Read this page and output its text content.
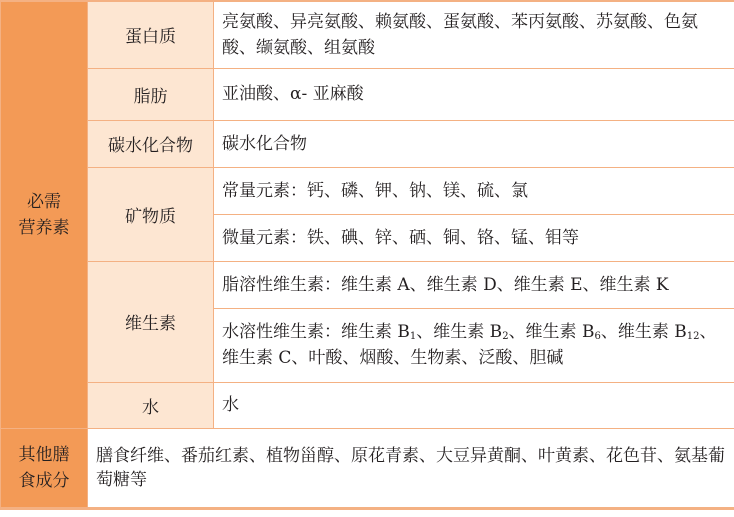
必需
营养素	蛋白质	亮氨酸、异亮氨酸、赖氨酸、蛋氨酸、苯丙氨酸、苏氨酸、色氨酸、缬氨酸、组氨酸
	脂肪	亚油酸、α- 亚麻酸
	碳水化合物	碳水化合物
	矿物质	常量元素：钙、磷、钾、钠、镁、硫、氯
		微量元素：铁、碘、锌、硒、铜、铬、锰、钼等
	维生素	脂溶性维生素：维生素 A、维生素 D、维生素 E、维生素 K
		水溶性维生素：维生素 $B_1$、维生素 $B_2$、维生素 $B_6$、维生素 $B_{12}$、维生素 C、叶酸、烟酸、生物素、泛酸、胆碱
	水	水

其他膳
食成分	膳食纤维、番茄红素、植物甾醇、原花青素、大豆异黄酮、叶黄素、花色苷、氨基葡萄糖等	
